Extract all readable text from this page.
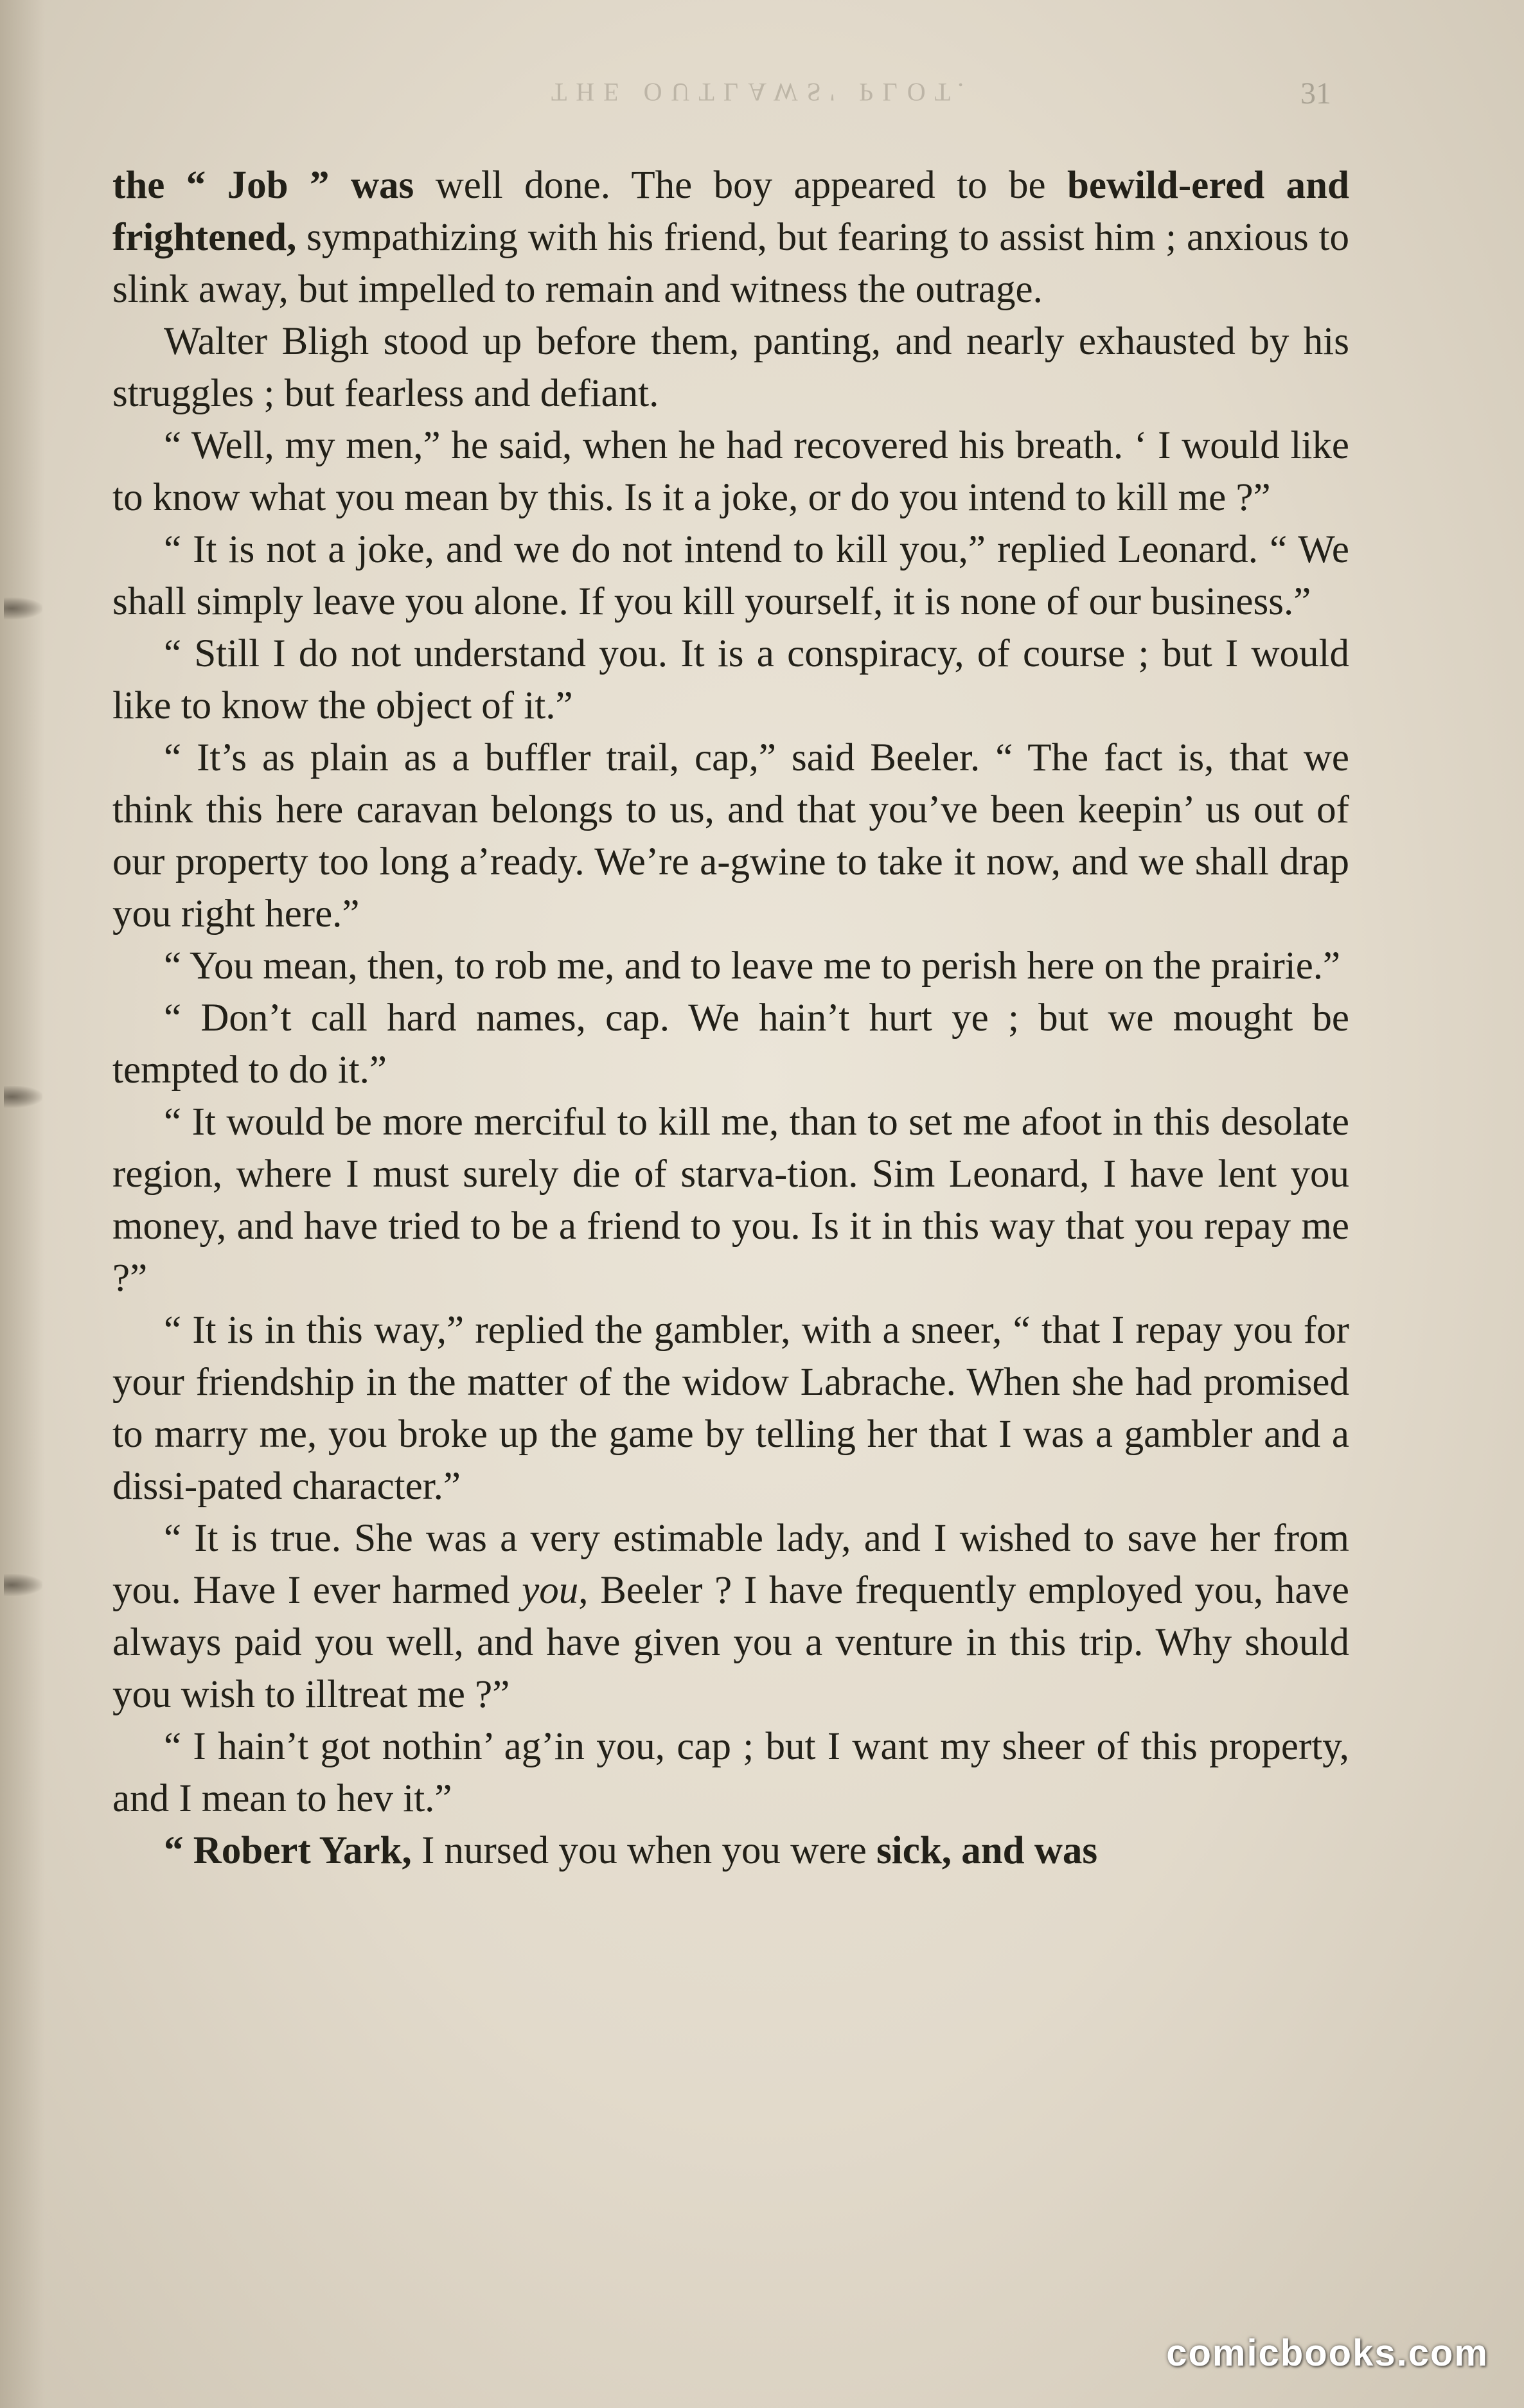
THE OUTLAWS' PLOT.	31

the “ Job ” was well done. The boy appeared to be bewild-ered and frightened, sympathizing with his friend, but fearing to assist him ; anxious to slink away, but impelled to remain and witness the outrage.

Walter Bligh stood up before them, panting, and nearly exhausted by his struggles ; but fearless and defiant.

“ Well, my men,” he said, when he had recovered his breath. ‘ I would like to know what you mean by this. Is it a joke, or do you intend to kill me ?”

“ It is not a joke, and we do not intend to kill you,” replied Leonard. “ We shall simply leave you alone. If you kill yourself, it is none of our business.”

“ Still I do not understand you. It is a conspiracy, of course ; but I would like to know the object of it.”

“ It’s as plain as a buffler trail, cap,” said Beeler. “ The fact is, that we think this here caravan belongs to us, and that you’ve been keepin’ us out of our property too long a’ready. We’re a-gwine to take it now, and we shall drap you right here.”

“ You mean, then, to rob me, and to leave me to perish here on the prairie.”

“ Don’t call hard names, cap. We hain’t hurt ye ; but we mought be tempted to do it.”

“ It would be more merciful to kill me, than to set me afoot in this desolate region, where I must surely die of starva-tion. Sim Leonard, I have lent you money, and have tried to be a friend to you. Is it in this way that you repay me ?”

“ It is in this way,” replied the gambler, with a sneer, “ that I repay you for your friendship in the matter of the widow Labrache. When she had promised to marry me, you broke up the game by telling her that I was a gambler and a dissi-pated character.”

“ It is true. She was a very estimable lady, and I wished to save her from you. Have I ever harmed you, Beeler ? I have frequently employed you, have always paid you well, and have given you a venture in this trip. Why should you wish to illtreat me ?”

“ I hain’t got nothin’ ag’in you, cap ; but I want my sheer of this property, and I mean to hev it.”

“ Robert Yark, I nursed you when you were sick, and was

comicbooks.com
